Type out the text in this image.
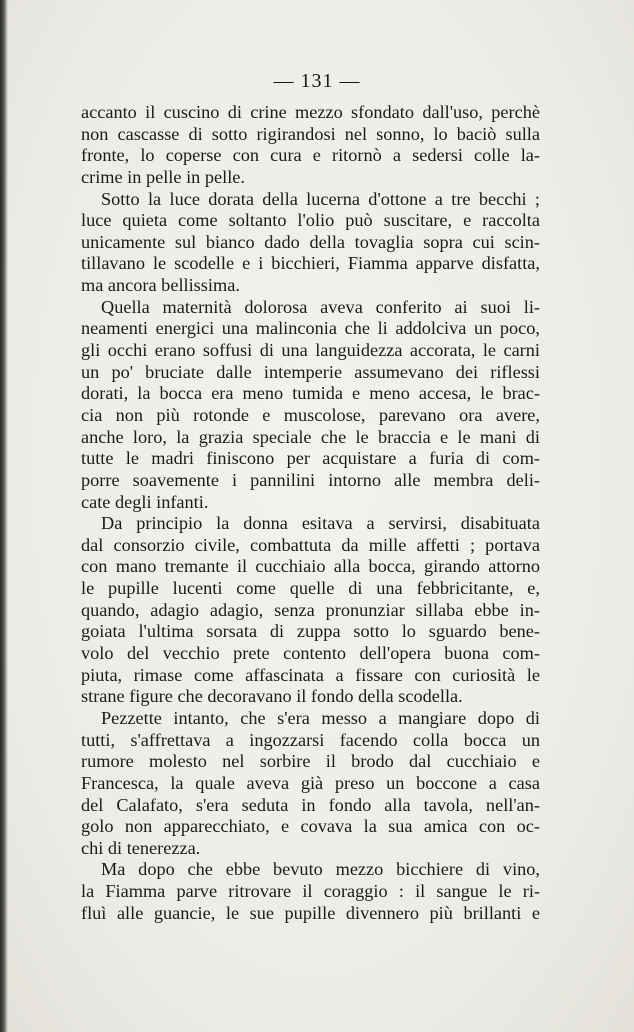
— 131 —
accanto il cuscino di crine mezzo sfondato dall'uso, perchè
non cascasse di sotto rigirandosi nel sonno, lo baciò sulla
fronte, lo coperse con cura e ritornò a sedersi colle la-
crime in pelle in pelle.
Sotto la luce dorata della lucerna d'ottone a tre becchi ;
luce quieta come soltanto l'olio può suscitare, e raccolta
unicamente sul bianco dado della tovaglia sopra cui scin-
tillavano le scodelle e i bicchieri, Fiamma apparve disfatta,
ma ancora bellissima.
Quella maternità dolorosa aveva conferito ai suoi li-
neamenti energici una malinconia che li addolciva un poco,
gli occhi erano soffusi di una languidezza accorata, le carni
un po' bruciate dalle intemperie assumevano dei riflessi
dorati, la bocca era meno tumida e meno accesa, le brac-
cia non più rotonde e muscolose, parevano ora avere,
anche loro, la grazia speciale che le braccia e le mani di
tutte le madri finiscono per acquistare a furia di com-
porre soavemente i pannilini intorno alle membra deli-
cate degli infanti.
Da principio la donna esitava a servirsi, disabituata
dal consorzio civile, combattuta da mille affetti ; portava
con mano tremante il cucchiaio alla bocca, girando attorno
le pupille lucenti come quelle di una febbricitante, e,
quando, adagio adagio, senza pronunziar sillaba ebbe in-
goiata l'ultima sorsata di zuppa sotto lo sguardo bene-
volo del vecchio prete contento dell'opera buona com-
piuta, rimase come affascinata a fissare con curiosità le
strane figure che decoravano il fondo della scodella.
Pezzette intanto, che s'era messo a mangiare dopo di
tutti, s'affrettava a ingozzarsi facendo colla bocca un
rumore molesto nel sorbire il brodo dal cucchiaio e
Francesca, la quale aveva già preso un boccone a casa
del Calafato, s'era seduta in fondo alla tavola, nell'an-
golo non apparecchiato, e covava la sua amica con oc-
chi di tenerezza.
Ma dopo che ebbe bevuto mezzo bicchiere di vino,
la Fiamma parve ritrovare il coraggio : il sangue le ri-
fluì alle guancie, le sue pupille divennero più brillanti e
